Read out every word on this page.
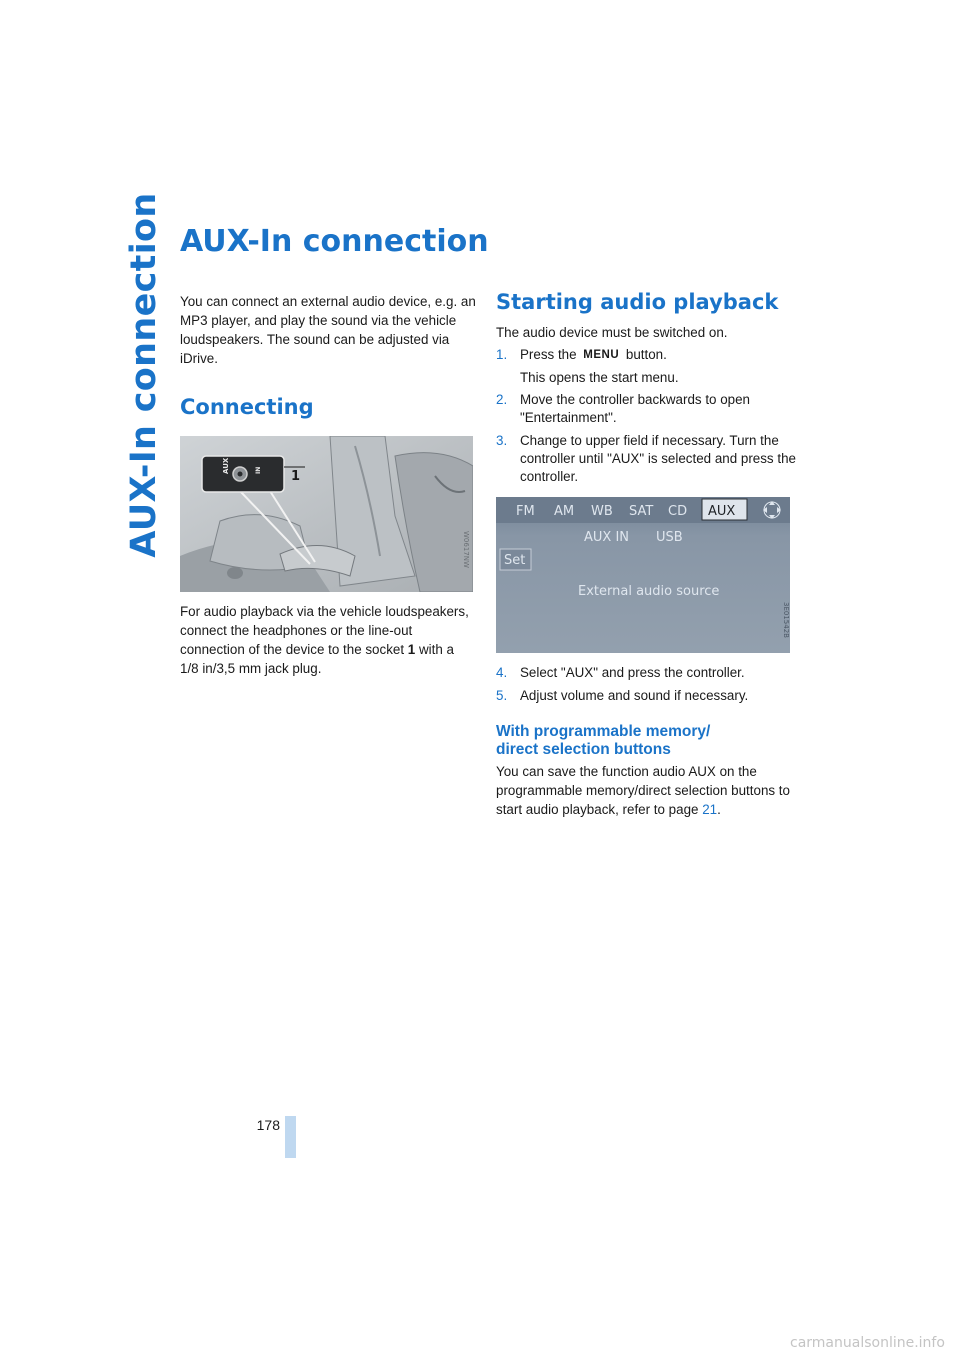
AUX-In connection AUX-In connection

You can connect an external audio device, e.g. an MP3 player, and play the sound via the vehicle loudspeakers. The sound can be adjusted via iDrive.

Connecting
AUX	IN 1
W0617NW

For audio playback via the vehicle loudspeakers, connect the headphones or the line-out connection of the device to the socket 1 with a 1/8 in/3,5 mm jack plug.

Starting audio playback

The audio device must be switched on.

1. Press the MENU button.
This opens the start menu.
2. Move the controller backwards to open "Entertainment".
3. Change to upper field if necessary. Turn the controller until "AUX" is selected and press the controller.
FM AM WB SAT CD AUX
AUX IN USB
Set
External audio source
3E01542B
4. Select "AUX" and press the controller.
5. Adjust volume and sound if necessary.
With programmable memory/
direct selection buttons

You can save the function audio AUX on the programmable memory/direct selection buttons to start audio playback, refer to page 21.

178
carmanualsonline.info
